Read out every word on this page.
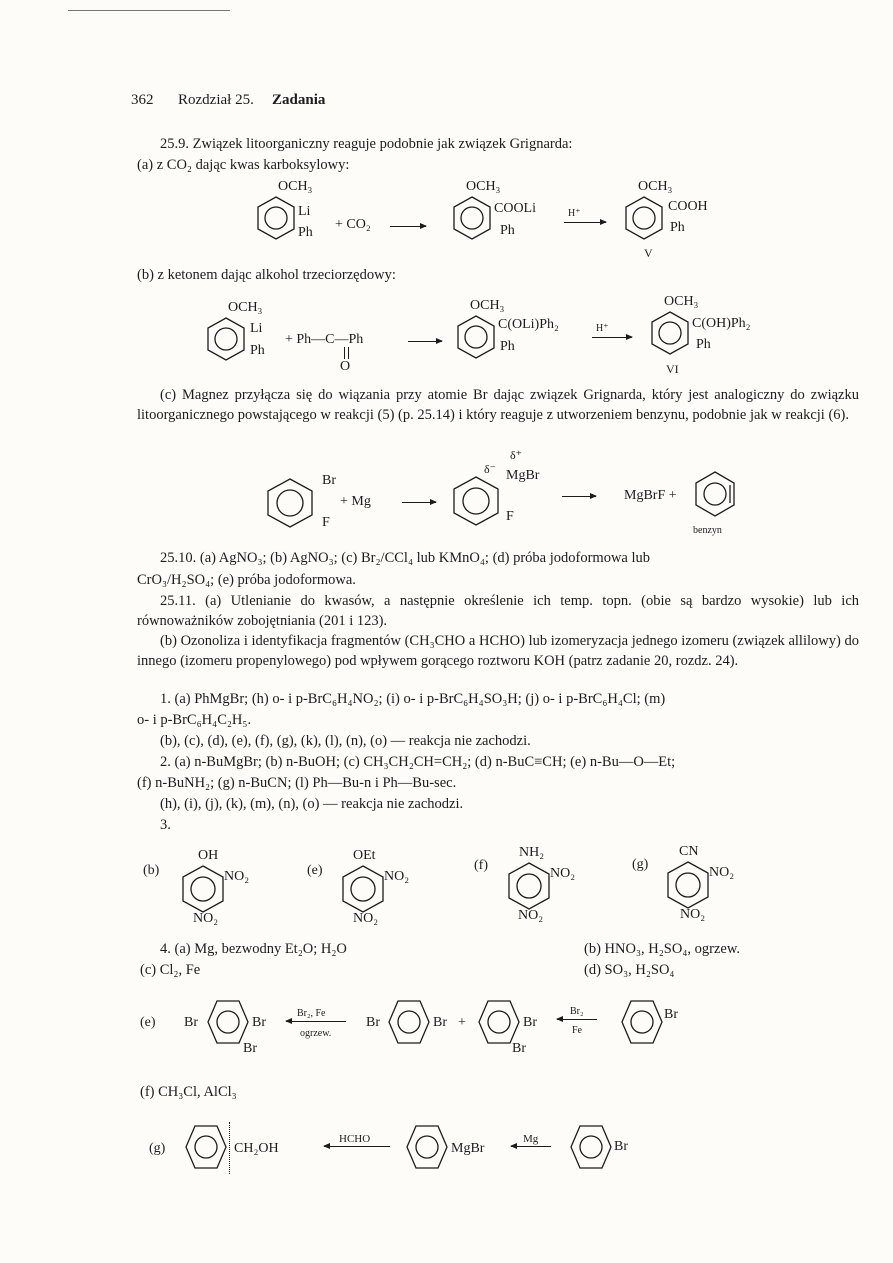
362 Rozdział 25. Zadania
25.9. Związek litoorganiczny reaguje podobnie jak związek Grignarda:
(a) z CO₂ dając kwas karboksylowy:
OCH₃
Li
Ph
+ CO₂ →
OCH₃
COOLi
Ph
H⁺
OCH₃
COOH
Ph
V
(b) z ketonem dając alkohol trzeciorzędowy:
OCH₃
Li
Ph
+ Ph—C—Ph
O
OCH₃
C(OLi)Ph₂
Ph
H⁺
OCH₃
C(OH)Ph₂
Ph
VI
(c) Magnez przyłącza się do wiązania przy atomie Br dając związek Grignarda, który jest analogiczny do związku litoorganicznego powstającego w reakcji (5) (p. 25.14) i który reaguje z utworzeniem benzynu, podobnie jak w reakcji (6).
Br
F
+ Mg
δ⁺
δ⁻ MgBr
F
MgBrF +
benzyn
25.10. (a) AgNO₃; (b) AgNO₃; (c) Br₂/CCl₄ lub KMnO₄; (d) próba jodoformowa lub
CrO₃/H₂SO₄; (e) próba jodoformowa.
25.11. (a) Utlenianie do kwasów, a następnie określenie ich temp. topn. (obie są bardzo wysokie) lub ich równoważników zobojętniania (201 i 123).
(b) Ozonoliza i identyfikacja fragmentów (CH₃CHO a HCHO) lub izomeryzacja jednego izomeru (związek allilowy) do innego (izomeru propenylowego) pod wpływem gorącego roztworu KOH (patrz zadanie 20, rozdz. 24).
1. (a) PhMgBr; (h) o- i p-BrC₆H₄NO₂; (i) o- i p-BrC₆H₄SO₃H; (j) o- i p-BrC₆H₄Cl; (m)
o- i p-BrC₆H₄C₂H₅.
(b), (c), (d), (e), (f), (g), (k), (l), (n), (o) — reakcja nie zachodzi.
2. (a) n-BuMgBr; (b) n-BuOH; (c) CH₃CH₂CH=CH₂; (d) n-BuC≡CH; (e) n-Bu—O—Et;
(f) n-BuNH₂; (g) n-BuCN; (l) Ph—Bu-n i Ph—Bu-sec.
(h), (i), (j), (k), (m), (n), (o) — reakcja nie zachodzi.
3.
(b)
OH
NO₂
NO₂
(e)
OEt
NO₂
NO₂
(f)
NH₂
NO₂
NO₂
(g)
CN
NO₂
NO₂
4. (a) Mg, bezwodny Et₂O; H₂O	(b) HNO₃, H₂SO₄, ogrzew.
(c) Cl₂, Fe	(d) SO₃, H₂SO₄
(e) Br	Br
Br
Br₂, Fe
ogrzew.
Br	Br +	Br
Br
Br₂
Fe
Br
(f) CH₃Cl, AlCl₃
(g)	CH₂OH
HCHO
MgBr
Mg	Br
